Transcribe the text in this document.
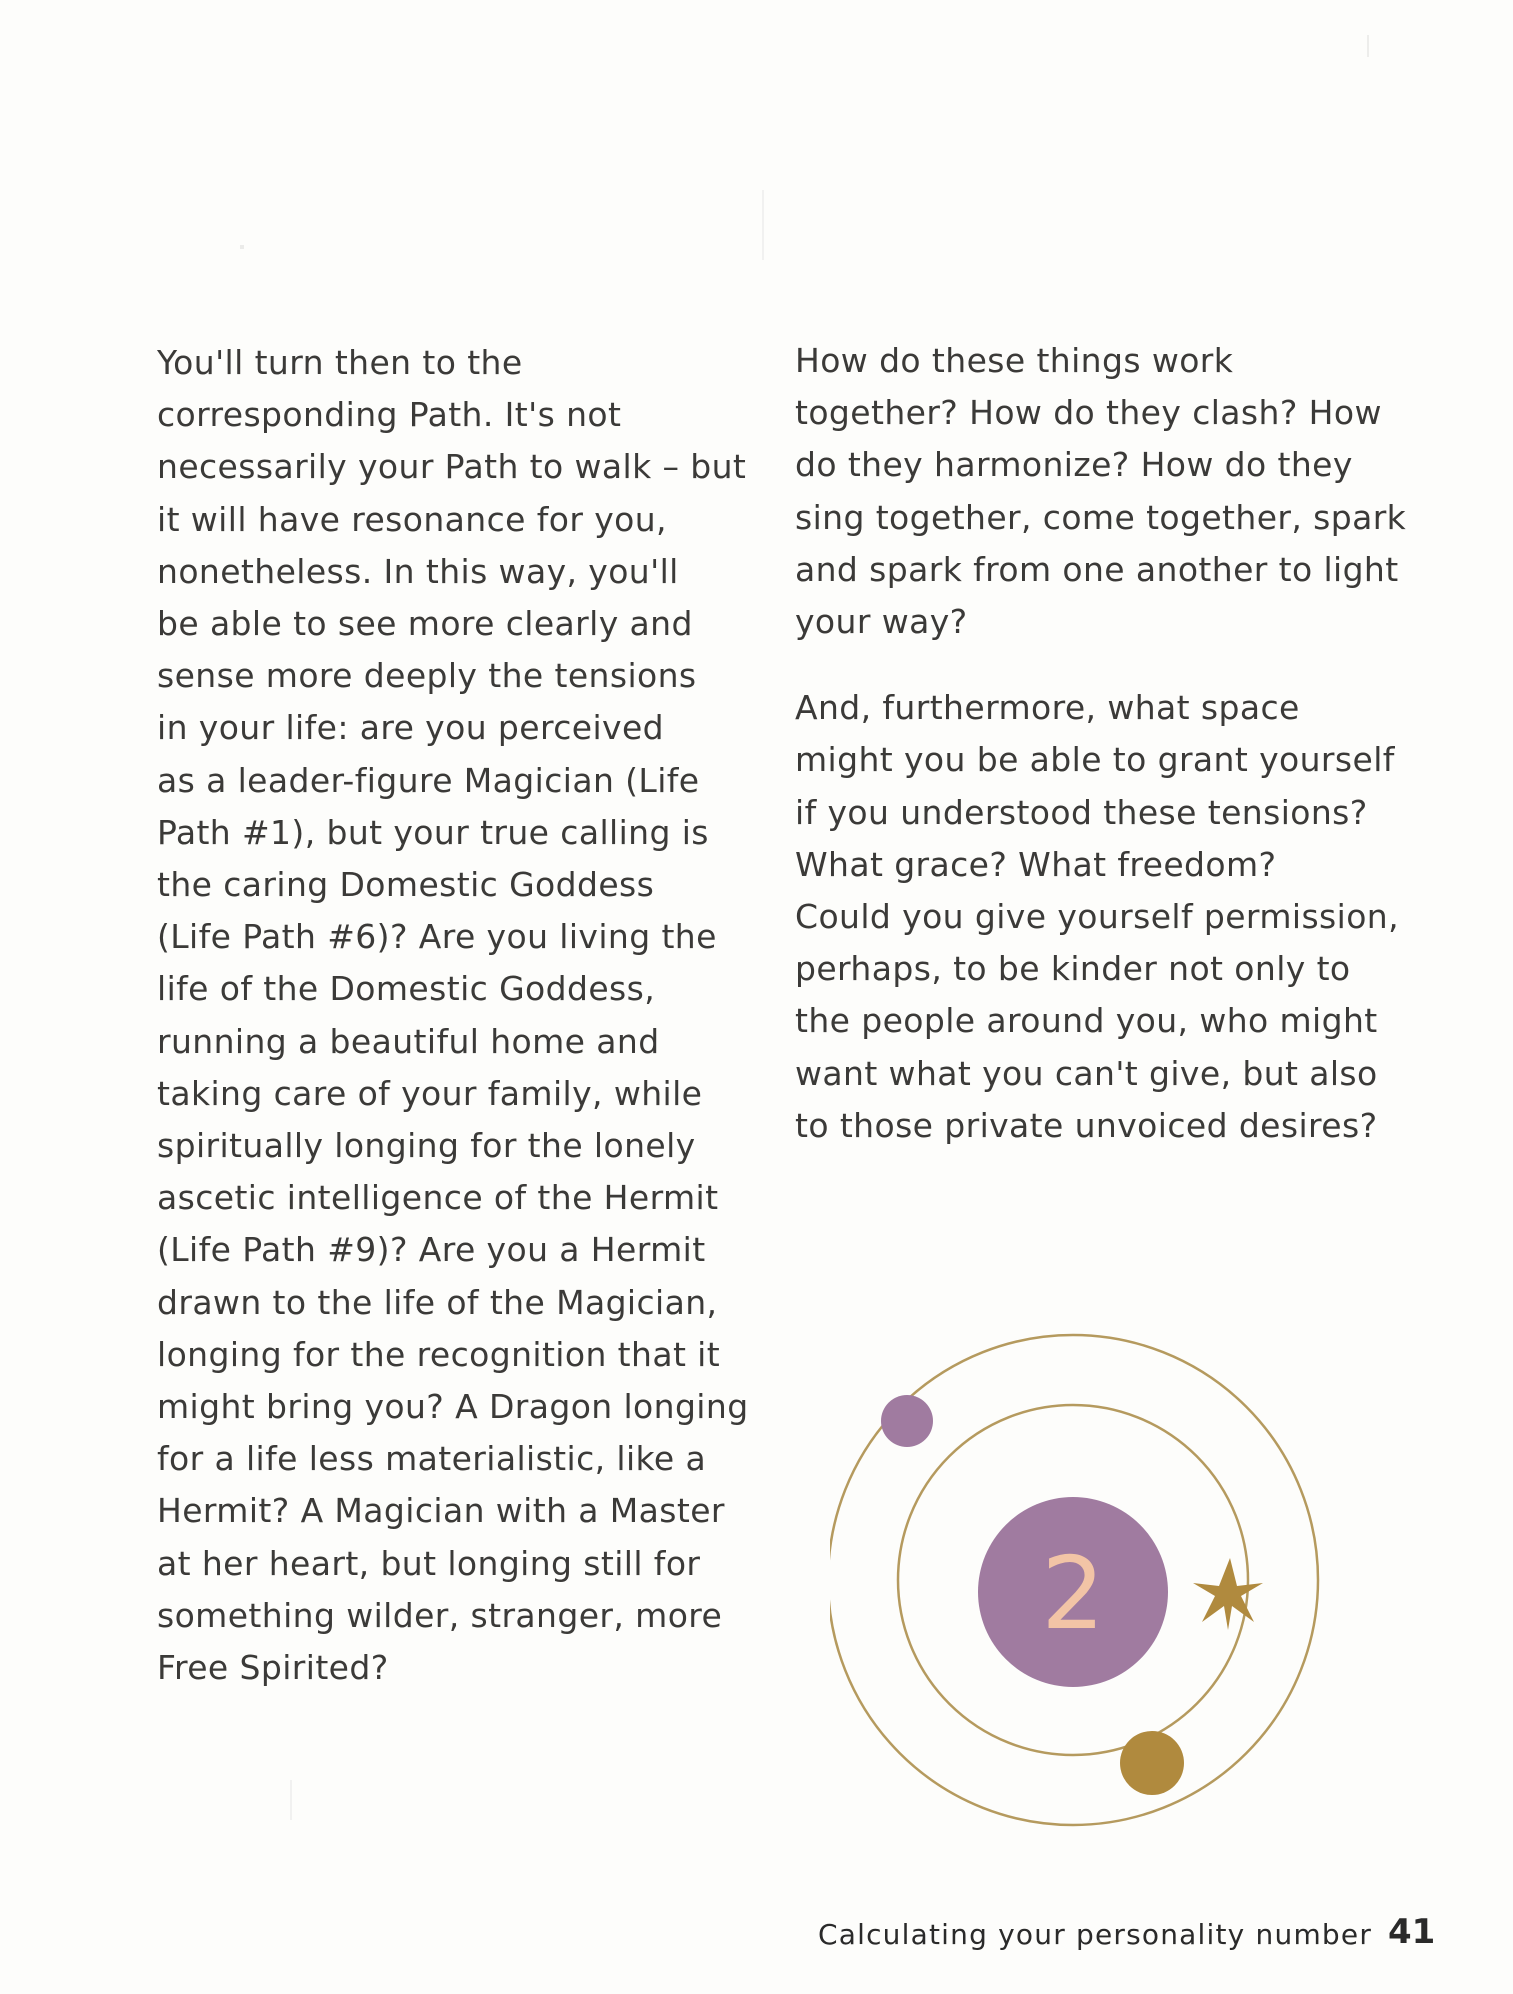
You'll turn then to the
corresponding Path. It's not
necessarily your Path to walk – but
it will have resonance for you,
nonetheless. In this way, you'll
be able to see more clearly and
sense more deeply the tensions
in your life: are you perceived
as a leader-figure Magician (Life
Path #1), but your true calling is
the caring Domestic Goddess
(Life Path #6)? Are you living the
life of the Domestic Goddess,
running a beautiful home and
taking care of your family, while
spiritually longing for the lonely
ascetic intelligence of the Hermit
(Life Path #9)? Are you a Hermit
drawn to the life of the Magician,
longing for the recognition that it
might bring you? A Dragon longing
for a life less materialistic, like a
Hermit? A Magician with a Master
at her heart, but longing still for
something wilder, stranger, more
Free Spirited?
How do these things work
together? How do they clash? How
do they harmonize? How do they
sing together, come together, spark
and spark from one another to light
your way?
And, furthermore, what space
might you be able to grant yourself
if you understood these tensions?
What grace? What freedom?
Could you give yourself permission,
perhaps, to be kinder not only to
the people around you, who might
want what you can't give, but also
to those private unvoiced desires?
2
Calculating your personality number 41
